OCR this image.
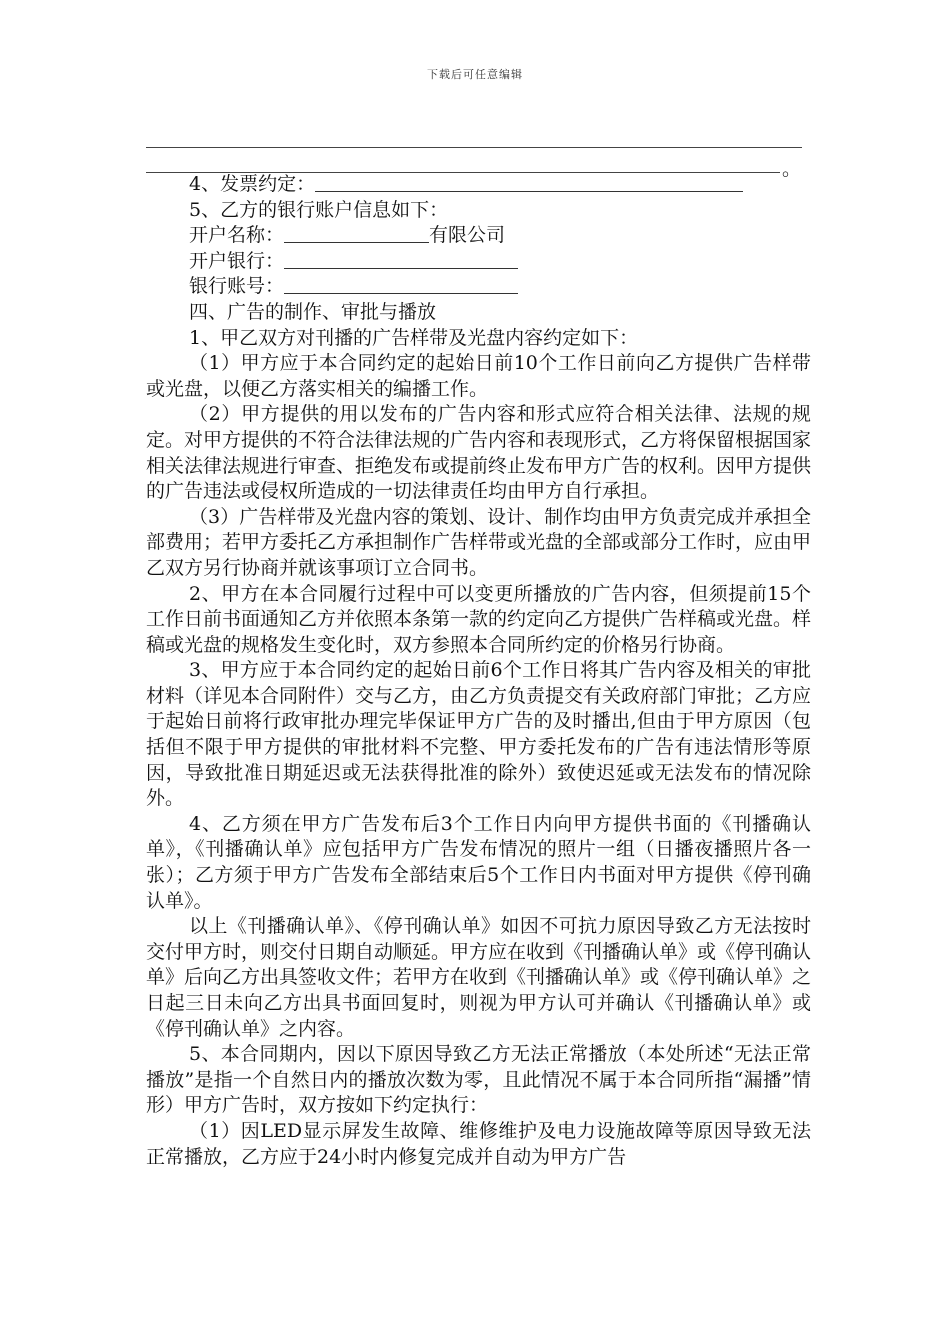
下载后可任意编辑
。

4、发票约定：

5、乙方的银行账户信息如下：

开户名称：	有限公司

开户银行：

银行账号：

四、广告的制作、审批与播放

1、甲乙双方对刊播的广告样带及光盘内容约定如下：

（1）甲方应于本合同约定的起始日前10个工作日前向乙方提供广告样带或光盘，以便乙方落实相关的编播工作。

（2）甲方提供的用以发布的广告内容和形式应符合相关法律、法规的规定。对甲方提供的不符合法律法规的广告内容和表现形式，乙方将保留根据国家相关法律法规进行审查、拒绝发布或提前终止发布甲方广告的权利。因甲方提供的广告违法或侵权所造成的一切法律责任均由甲方自行承担。

（3）广告样带及光盘内容的策划、设计、制作均由甲方负责完成并承担全部费用；若甲方委托乙方承担制作广告样带或光盘的全部或部分工作时，应由甲乙双方另行协商并就该事项订立合同书。

2、甲方在本合同履行过程中可以变更所播放的广告内容，但须提前15个工作日前书面通知乙方并依照本条第一款的约定向乙方提供广告样稿或光盘。样稿或光盘的规格发生变化时，双方参照本合同所约定的价格另行协商。

3、甲方应于本合同约定的起始日前6个工作日将其广告内容及相关的审批材料（详见本合同附件）交与乙方，由乙方负责提交有关政府部门审批；乙方应于起始日前将行政审批办理完毕保证甲方广告的及时播出,但由于甲方原因（包括但不限于甲方提供的审批材料不完整、甲方委托发布的广告有违法情形等原因，导致批准日期延迟或无法获得批准的除外）致使迟延或无法发布的情况除外。

4、乙方须在甲方广告发布后3个工作日内向甲方提供书面的《刊播确认单》，《刊播确认单》应包括甲方广告发布情况的照片一组（日播夜播照片各一张）；乙方须于甲方广告发布全部结束后5个工作日内书面对甲方提供《停刊确认单》。

以上《刊播确认单》、《停刊确认单》如因不可抗力原因导致乙方无法按时交付甲方时，则交付日期自动顺延。甲方应在收到《刊播确认单》或《停刊确认单》后向乙方出具签收文件；若甲方在收到《刊播确认单》或《停刊确认单》之日起三日未向乙方出具书面回复时，则视为甲方认可并确认《刊播确认单》或《停刊确认单》之内容。

5、本合同期内，因以下原因导致乙方无法正常播放（本处所述“无法正常播放”是指一个自然日内的播放次数为零，且此情况不属于本合同所指“漏播”情形）甲方广告时，双方按如下约定执行：

（1）因LED显示屏发生故障、维修维护及电力设施故障等原因导致无法正常播放，乙方应于24小时内修复完成并自动为甲方广告
